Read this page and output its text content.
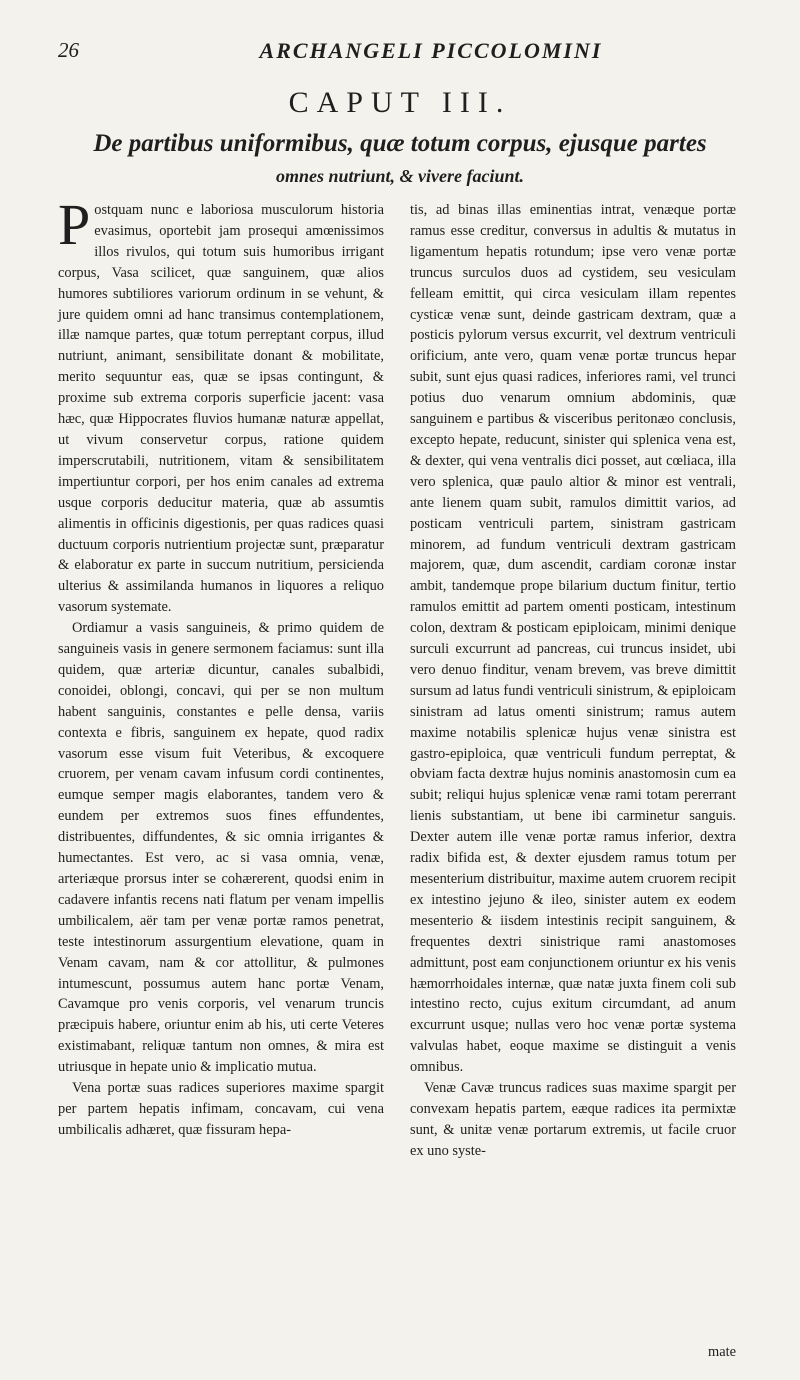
26	ARCHANGELI PICCOLOMINI
CAPUT III.
De partibus uniformibus, quæ totum corpus, ejusque partes
omnes nutriunt, & vivere faciunt.

Postquam nunc e laboriosa musculorum historia evasimus, oportebit jam prosequi amœnissimos illos rivulos, qui totum suis humoribus irrigant corpus, Vasa scilicet, quæ sanguinem, quæ alios humores subtiliores variorum ordinum in se vehunt, & jure quidem omni ad hanc transimus contemplationem, illæ namque partes, quæ totum perreptant corpus, illud nutriunt, animant, sensibilitate donant & mobilitate, merito sequuntur eas, quæ se ipsas contingunt, & proxime sub extrema corporis superficie jacent: vasa hæc, quæ Hippocrates fluvios humanæ naturæ appellat, ut vivum conservetur corpus, ratione quidem imperscrutabili, nutritionem, vitam & sensibilitatem impertiuntur corpori, per hos enim canales ad extrema usque corporis deducitur materia, quæ ab assumtis alimentis in officinis digestionis, per quas radices quasi ductuum corporis nutrientium projectæ sunt, præparatur & elaboratur ex parte in succum nutritium, persicienda ulterius & assimilanda humanos in liquores a reliquo vasorum systemate.

Ordiamur a vasis sanguineis, & primo quidem de sanguineis vasis in genere sermonem faciamus: sunt illa quidem, quæ arteriæ dicuntur, canales subalbidi, conoidei, oblongi, concavi, qui per se non multum habent sanguinis, constantes e pelle densa, variis contexta e fibris, sanguinem ex hepate, quod radix vasorum esse visum fuit Veteribus, & excoquere cruorem, per venam cavam infusum cordi continentes, eumque semper magis elaborantes, tandem vero & eundem per extremos suos fines effundentes, distribuentes, diffundentes, & sic omnia irrigantes & humectantes. Est vero, ac si vasa omnia, venæ, arteriæque prorsus inter se cohærerent, quodsi enim in cadavere infantis recens nati flatum per venam impellis umbilicalem, aër tam per venæ portæ ramos penetrat, teste intestinorum assurgentium elevatione, quam in Venam cavam, nam & cor attollitur, & pulmones intumescunt, possumus autem hanc portæ Venam, Cavamque pro venis corporis, vel venarum truncis præcipuis habere, oriuntur enim ab his, uti certe Veteres existimabant, reliquæ tantum non omnes, & mira est utriusque in hepate unio & implicatio mutua.

Vena portæ suas radices superiores maxime spargit per partem hepatis infimam, concavam, cui vena umbilicalis adhæret, quæ fissuram hepa-

tis, ad binas illas eminentias intrat, venæque portæ ramus esse creditur, conversus in adultis & mutatus in ligamentum hepatis rotundum; ipse vero venæ portæ truncus surculos duos ad cystidem, seu vesiculam felleam emittit, qui circa vesiculam illam repentes cysticæ venæ sunt, deinde gastricam dextram, quæ a posticis pylorum versus excurrit, vel dextrum ventriculi orificium, ante vero, quam venæ portæ truncus hepar subit, sunt ejus quasi radices, inferiores rami, vel trunci potius duo venarum omnium abdominis, quæ sanguinem e partibus & visceribus peritonæo conclusis, excepto hepate, reducunt, sinister qui splenica vena est, & dexter, qui vena ventralis dici posset, aut cœliaca, illa vero splenica, quæ paulo altior & minor est ventrali, ante lienem quam subit, ramulos dimittit varios, ad posticam ventriculi partem, sinistram gastricam minorem, ad fundum ventriculi dextram gastricam majorem, quæ, dum ascendit, cardiam coronæ instar ambit, tandemque prope bilarium ductum finitur, tertio ramulos emittit ad partem omenti posticam, intestinum colon, dextram & posticam epiploicam, minimi denique surculi excurrunt ad pancreas, cui truncus insidet, ubi vero denuo finditur, venam brevem, vas breve dimittit sursum ad latus fundi ventriculi sinistrum, & epiploicam sinistram ad latus omenti sinistrum; ramus autem maxime notabilis splenicæ hujus venæ sinistra est gastro-epiploica, quæ ventriculi fundum perreptat, & obviam facta dextræ hujus nominis anastomosin cum ea subit; reliqui hujus splenicæ venæ rami totam pererrant lienis substantiam, ut bene ibi carminetur sanguis. Dexter autem ille venæ portæ ramus inferior, dextra radix bifida est, & dexter ejusdem ramus totum per mesenterium distribuitur, maxime autem cruorem recipit ex intestino jejuno & ileo, sinister autem ex eodem mesenterio & iisdem intestinis recipit sanguinem, & frequentes dextri sinistrique rami anastomoses admittunt, post eam conjunctionem oriuntur ex his venis hæmorrhoidales internæ, quæ natæ juxta finem coli sub intestino recto, cujus exitum circumdant, ad anum excurrunt usque; nullas vero hoc venæ portæ systema valvulas habet, eoque maxime se distinguit a venis omnibus.

Venæ Cavæ truncus radices suas maxime spargit per convexam hepatis partem, eæque radices ita permixtæ sunt, & unitæ venæ portarum extremis, ut facile cruor ex uno syste-

mate
